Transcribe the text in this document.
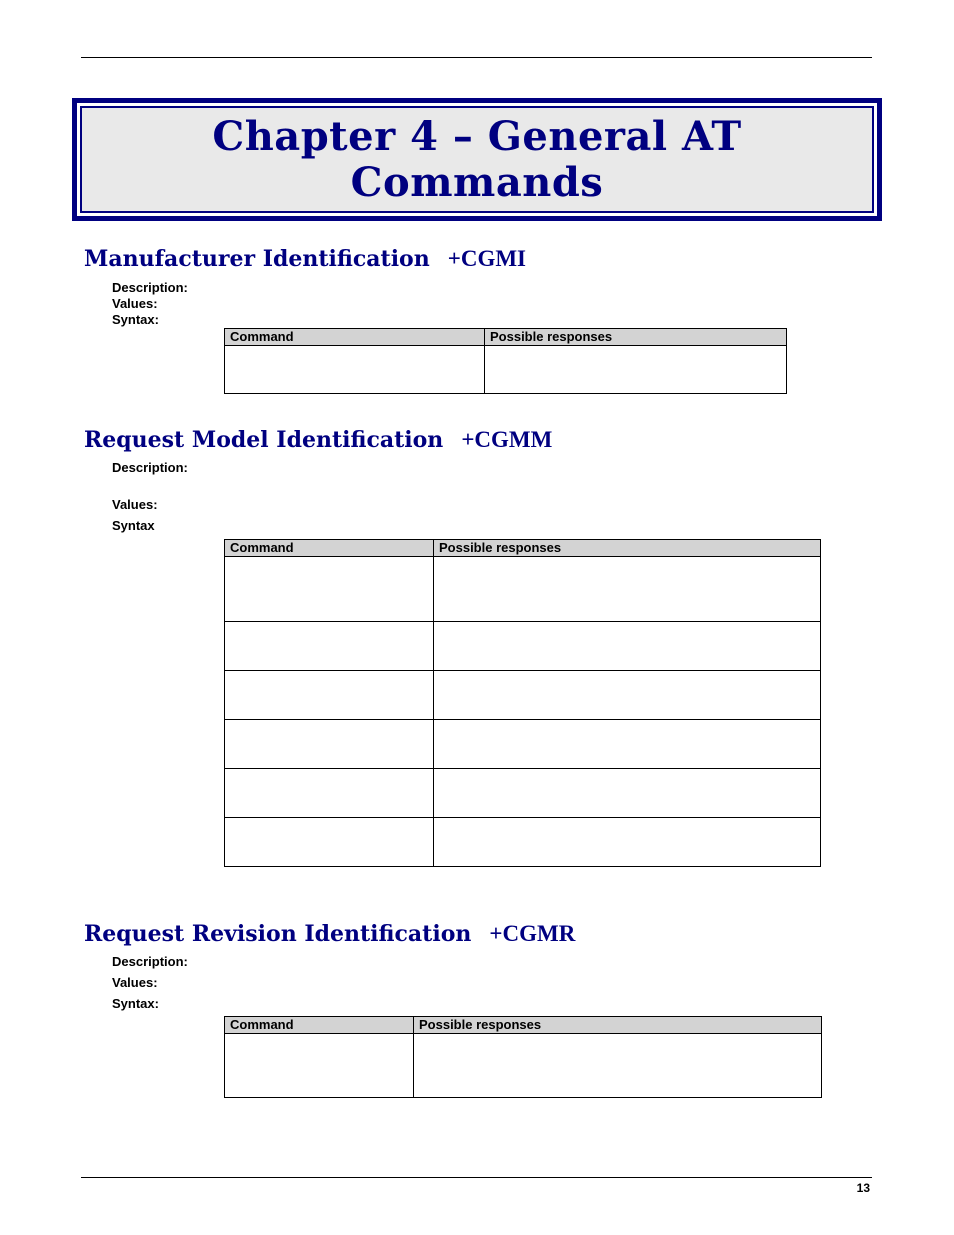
Chapter 4 – General AT
Commands
Manufacturer Identification +CGMI
Description:
Values:
Syntax:
Command	Possible responses

Request Model Identification +CGMM
Description:
Values:
Syntax
Command	Possible responses

Request Revision Identification +CGMR
Description:
Values:
Syntax:
Command	Possible responses

13
